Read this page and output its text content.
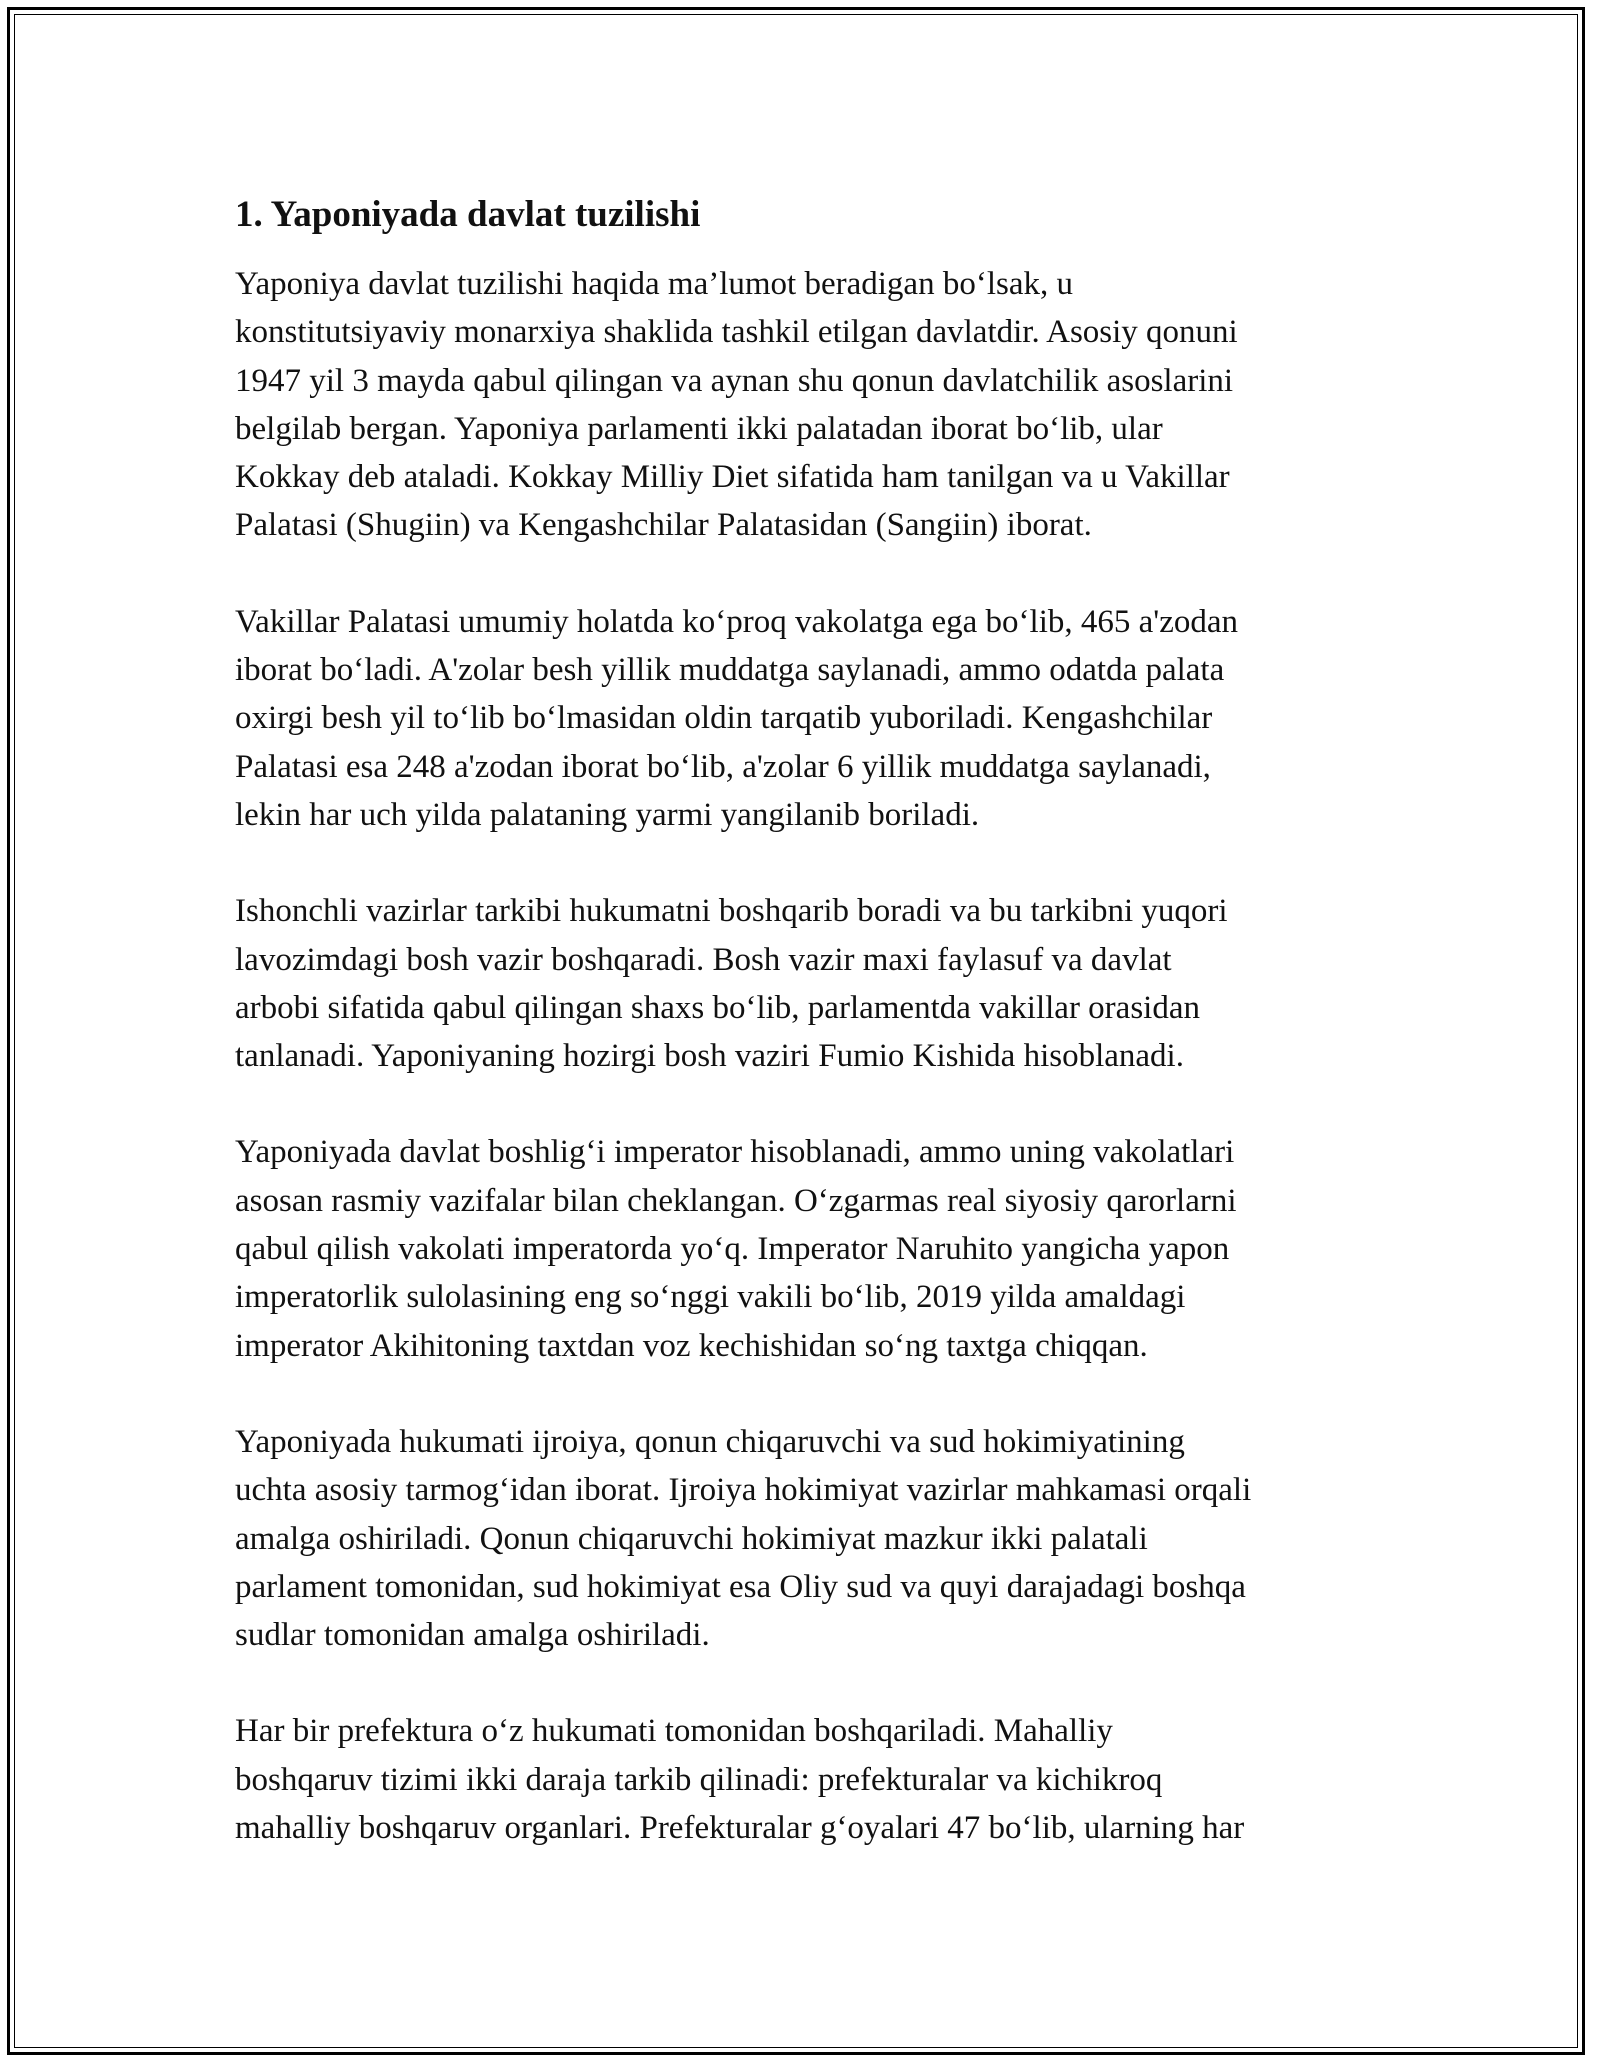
1. Yaponiyada davlat tuzilishi

Yaponiya davlat tuzilishi haqida ma’lumot beradigan bo‘lsak, u
konstitutsiyaviy monarxiya shaklida tashkil etilgan davlatdir. Asosiy qonuni
1947 yil 3 mayda qabul qilingan va aynan shu qonun davlatchilik asoslarini
belgilab bergan. Yaponiya parlamenti ikki palatadan iborat bo‘lib, ular
Kokkay deb ataladi. Kokkay Milliy Diet sifatida ham tanilgan va u Vakillar
Palatasi (Shugiin) va Kengashchilar Palatasidan (Sangiin) iborat.

Vakillar Palatasi umumiy holatda ko‘proq vakolatga ega bo‘lib, 465 a'zodan
iborat bo‘ladi. A'zolar besh yillik muddatga saylanadi, ammo odatda palata
oxirgi besh yil to‘lib bo‘lmasidan oldin tarqatib yuboriladi. Kengashchilar
Palatasi esa 248 a'zodan iborat bo‘lib, a'zolar 6 yillik muddatga saylanadi,
lekin har uch yilda palataning yarmi yangilanib boriladi.

Ishonchli vazirlar tarkibi hukumatni boshqarib boradi va bu tarkibni yuqori
lavozimdagi bosh vazir boshqaradi. Bosh vazir maxi faylasuf va davlat
arbobi sifatida qabul qilingan shaxs bo‘lib, parlamentda vakillar orasidan
tanlanadi. Yaponiyaning hozirgi bosh vaziri Fumio Kishida hisoblanadi.

Yaponiyada davlat boshlig‘i imperator hisoblanadi, ammo uning vakolatlari
asosan rasmiy vazifalar bilan cheklangan. O‘zgarmas real siyosiy qarorlarni
qabul qilish vakolati imperatorda yo‘q. Imperator Naruhito yangicha yapon
imperatorlik sulolasining eng so‘nggi vakili bo‘lib, 2019 yilda amaldagi
imperator Akihitoning taxtdan voz kechishidan so‘ng taxtga chiqqan.

Yaponiyada hukumati ijroiya, qonun chiqaruvchi va sud hokimiyatining
uchta asosiy tarmog‘idan iborat. Ijroiya hokimiyat vazirlar mahkamasi orqali
amalga oshiriladi. Qonun chiqaruvchi hokimiyat mazkur ikki palatali
parlament tomonidan, sud hokimiyat esa Oliy sud va quyi darajadagi boshqa
sudlar tomonidan amalga oshiriladi.

Har bir prefektura o‘z hukumati tomonidan boshqariladi. Mahalliy
boshqaruv tizimi ikki daraja tarkib qilinadi: prefekturalar va kichikroq
mahalliy boshqaruv organlari. Prefekturalar g‘oyalari 47 bo‘lib, ularning har
